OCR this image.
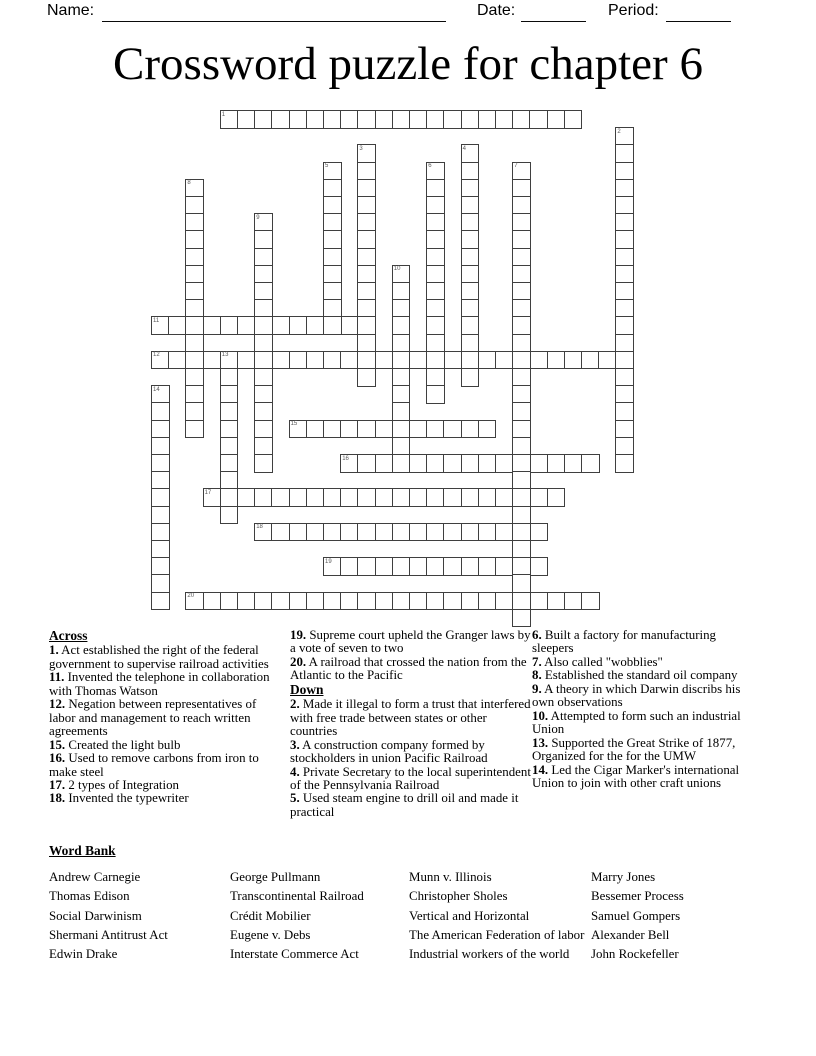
Name:	Date:	Period:
Crossword puzzle for chapter 6
1
11
12
15
16
17
18
19
20
2
3	4
5	6	7
8
9
10
13
14
Across

1. Act established the right of the federal government to supervise railroad activities

11. Invented the telephone in collaboration with Thomas Watson

12. Negation between representatives of labor and management to reach written agreements

15. Created the light bulb

16. Used to remove carbons from iron to make steel

17. 2 types of Integration

18. Invented the typewriter

19. Supreme court upheld the Granger laws by a vote of seven to two

20. A railroad that crossed the nation from the Atlantic to the Pacific

Down

2. Made it illegal to form a trust that interfered with free trade between states or other countries

3. A construction company formed by stockholders in union Pacific Railroad

4. Private Secretary to the local superintendent of the Pennsylvania Railroad

5. Used steam engine to drill oil and made it practical

6. Built a factory for manufacturing sleepers

7. Also called "wobblies"

8. Established the standard oil company

9. A theory in which Darwin discribs his own observations

10. Attempted to form such an industrial Union

13. Supported the Great Strike of 1877, Organized for the for the UMW

14. Led the Cigar Marker's international Union to join with other craft unions

Word Bank
Andrew Carnegie
Thomas Edison
Social Darwinism
Shermani Antitrust Act
Edwin Drake
George Pullmann
Transcontinental Railroad
Crédit Mobilier
Eugene v. Debs
Interstate Commerce Act
Munn v. Illinois
Christopher Sholes
Vertical and Horizontal
The American Federation of labor
Industrial workers of the world
Marry Jones
Bessemer Process
Samuel Gompers
Alexander Bell
John Rockefeller
